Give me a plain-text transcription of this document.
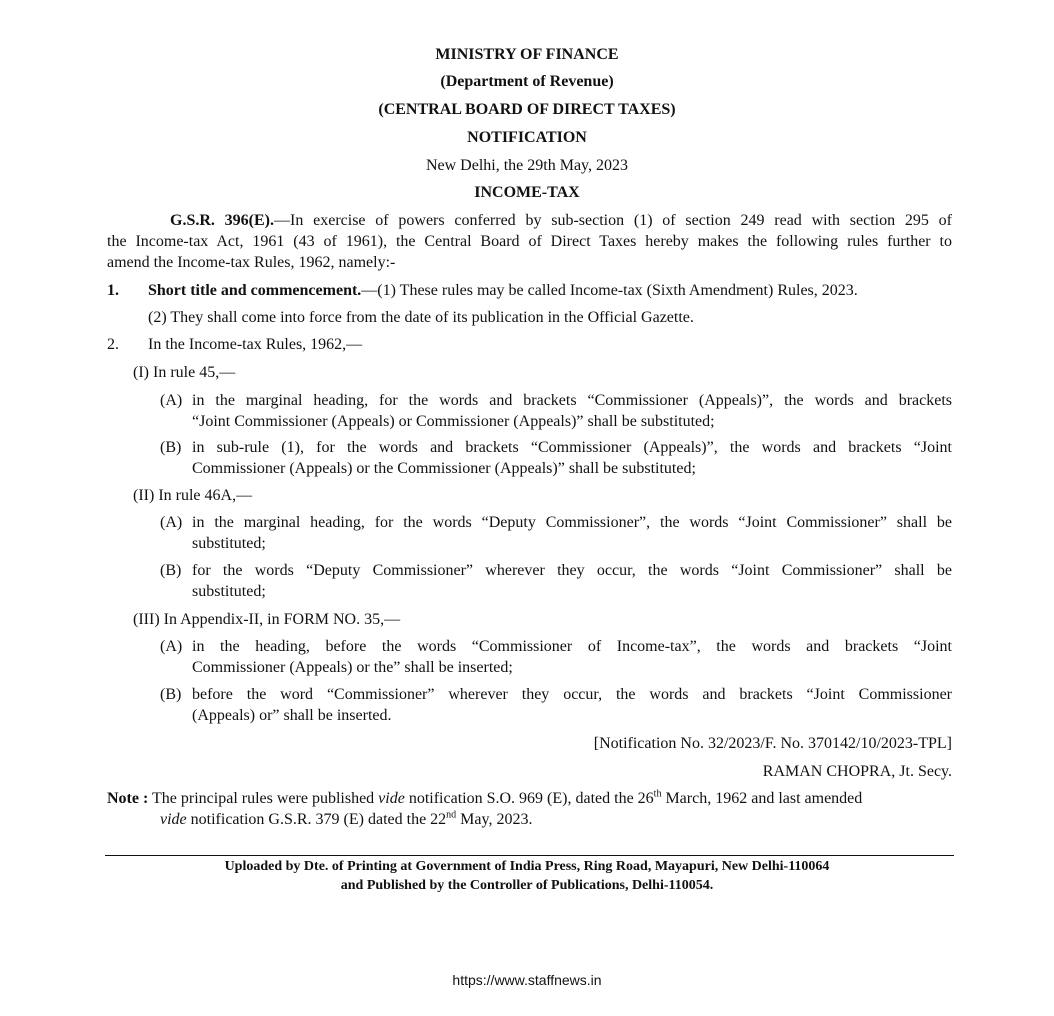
MINISTRY OF FINANCE
(Department of Revenue)
(CENTRAL BOARD OF DIRECT TAXES)
NOTIFICATION
New Delhi, the 29th May, 2023
INCOME-TAX
G.S.R. 396(E).—In exercise of powers conferred by sub-section (1) of section 249 read with section 295 of
the Income-tax Act, 1961 (43 of 1961), the Central Board of Direct Taxes hereby makes the following rules further to
amend the Income-tax Rules, 1962, namely:-
1. Short title and commencement.—(1) These rules may be called Income-tax (Sixth Amendment) Rules, 2023.
(2) They shall come into force from the date of its publication in the Official Gazette.
2. In the Income-tax Rules, 1962,—
(I) In rule 45,—
(A) in the marginal heading, for the words and brackets “Commissioner (Appeals)”, the words and brackets
“Joint Commissioner (Appeals) or Commissioner (Appeals)” shall be substituted;
(B) in sub-rule (1), for the words and brackets “Commissioner (Appeals)”, the words and brackets “Joint
Commissioner (Appeals) or the Commissioner (Appeals)” shall be substituted;
(II) In rule 46A,—
(A) in the marginal heading, for the words “Deputy Commissioner”, the words “Joint Commissioner” shall be
substituted;
(B) for the words “Deputy Commissioner” wherever they occur, the words “Joint Commissioner” shall be
substituted;
(III) In Appendix-II, in FORM NO. 35,—
(A) in the heading, before the words “Commissioner of Income-tax”, the words and brackets “Joint
Commissioner (Appeals) or the” shall be inserted;
(B) before the word “Commissioner” wherever they occur, the words and brackets “Joint Commissioner
(Appeals) or” shall be inserted.
[Notification No. 32/2023/F. No. 370142/10/2023-TPL]
RAMAN CHOPRA, Jt. Secy.
Note : The principal rules were published vide notification S.O. 969 (E), dated the 26th March, 1962 and last amended
vide notification G.S.R. 379 (E) dated the 22nd May, 2023.
Uploaded by Dte. of Printing at Government of India Press, Ring Road, Mayapuri, New Delhi-110064
and Published by the Controller of Publications, Delhi-110054.
https://www.staffnews.in
